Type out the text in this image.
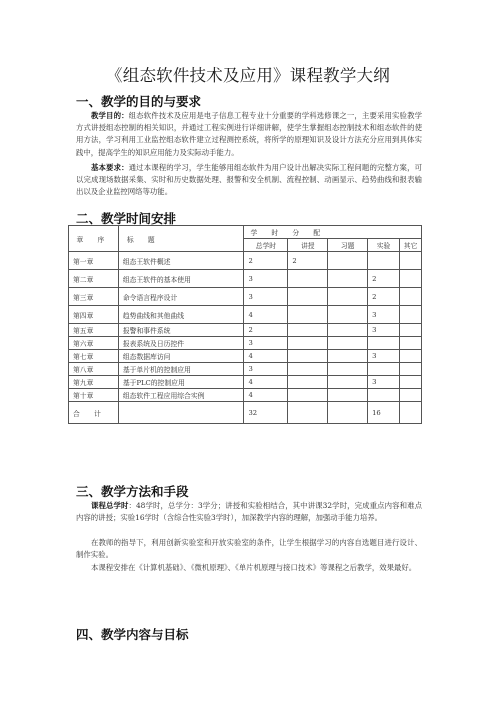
《组态软件技术及应用》课程教学大纲
一、教学的目的与要求
教学目的：组态软件技术及应用是电子信息工程专业十分重要的学科选修课之一，主要采用实验教学方式讲授组态控制的相关知识，并通过工程实例进行详细讲解，使学生掌握组态控制技术和组态软件的使用方法，学习利用工业监控组态软件建立过程测控系统，将所学的原理知识及设计方法充分应用到具体实践中，提高学生的知识应用能力及实际动手能力。
基本要求：通过本课程的学习，学生能够用组态软件为用户设计出解决实际工程问题的完整方案，可以完成现场数据采集、实时和历史数据处理、报警和安全机制、流程控制、动画显示、趋势曲线和报表输出以及企业监控网络等功能。
二、教学时间安排
章 序	标 题	学 时 分 配				
		总学时	讲授	习题	实验	其它
第一章	组态王软件概述	2	2			
第二章	组态王软件的基本使用	3			2	
第三章	命令语言程序设计	3			2	
第四章	趋势曲线和其他曲线	4			3	
第五章	报警和事件系统	2			3	
第六章	报表系统及日历控件	3				
第七章	组态数据库访问	4			3	
第八章	基于单片机的控制应用	3				
第九章	基于PLC的控制应用	4			3	
第十章	组态软件工程应用综合实例	4				
合 计		32			16	
三、教学方法和手段
课程总学时：48学时，总学分：3学分；讲授和实验相结合，其中讲课32学时，完成重点内容和难点内容的讲授；实验16学时（含综合性实验3学时），加深教学内容的理解，加强动手能力培养。
在教师的指导下，利用创新实验室和开放实验室的条件，让学生根据学习的内容自选题目进行设计、制作实验。
本课程安排在《计算机基础》、《微机原理》、《单片机原理与接口技术》等课程之后教学，效果最好。
四、教学内容与目标
